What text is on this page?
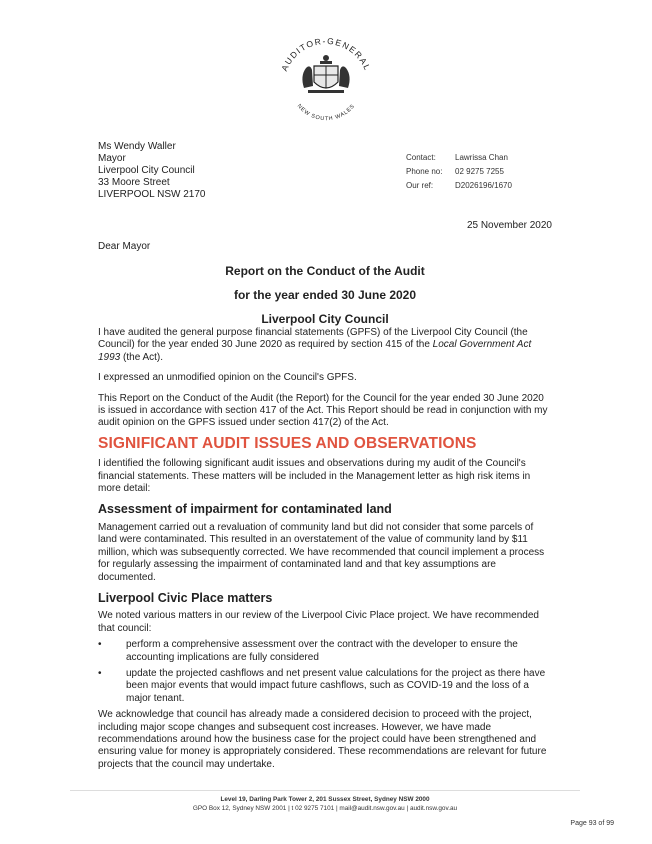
AUDITOR-GENERAL
NEW SOUTH WALES
Ms Wendy Waller
Mayor
Liverpool City Council
33 Moore Street
LIVERPOOL NSW 2170
Contact:	Lawrissa Chan
Phone no:	02 9275 7255
Our ref:	D2026196/1670
25 November 2020
Dear Mayor
Report on the Conduct of the Audit
for the year ended 30 June 2020
Liverpool City Council

I have audited the general purpose financial statements (GPFS) of the Liverpool City Council (the Council) for the year ended 30 June 2020 as required by section 415 of the Local Government Act 1993 (the Act).

I expressed an unmodified opinion on the Council's GPFS.

This Report on the Conduct of the Audit (the Report) for the Council for the year ended 30 June 2020 is issued in accordance with section 417 of the Act. This Report should be read in conjunction with my audit opinion on the GPFS issued under section 417(2) of the Act.

SIGNIFICANT AUDIT ISSUES AND OBSERVATIONS

I identified the following significant audit issues and observations during my audit of the Council's financial statements. These matters will be included in the Management letter as high risk items in more detail:

Assessment of impairment for contaminated land

Management carried out a revaluation of community land but did not consider that some parcels of land were contaminated. This resulted in an overstatement of the value of community land by $11 million, which was subsequently corrected. We have recommended that council implement a process for regularly assessing the impairment of contaminated land and that key assumptions are documented.

Liverpool Civic Place matters

We noted various matters in our review of the Liverpool Civic Place project. We have recommended that council:

•	perform a comprehensive assessment over the contract with the developer to ensure the accounting implications are fully considered
•	update the projected cashflows and net present value calculations for the project as there have been major events that would impact future cashflows, such as COVID-19 and the loss of a major tenant.

We acknowledge that council has already made a considered decision to proceed with the project, including major scope changes and subsequent cost increases. However, we have made recommendations around how the business case for the project could have been strengthened and ensuring value for money is appropriately considered. These recommendations are relevant for future projects that the council may undertake.

Level 19, Darling Park Tower 2, 201 Sussex Street, Sydney NSW 2000
GPO Box 12, Sydney NSW 2001 | t 02 9275 7101 | mail@audit.nsw.gov.au | audit.nsw.gov.au
Page 93 of 99
